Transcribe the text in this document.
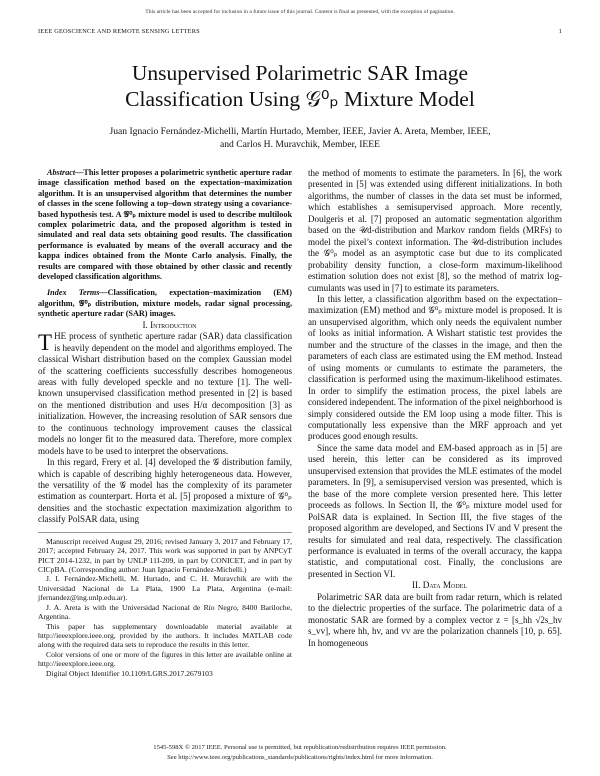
This article has been accepted for inclusion in a future issue of this journal. Content is final as presented, with the exception of pagination.
IEEE GEOSCIENCE AND REMOTE SENSING LETTERS	1
Unsupervised Polarimetric SAR Image
Classification Using 𝒢⁰ₚ Mixture Model
Juan Ignacio Fernández-Michelli, Martín Hurtado, Member, IEEE, Javier A. Areta, Member, IEEE,
and Carlos H. Muravchik, Member, IEEE

Abstract—This letter proposes a polarimetric synthetic aperture radar image classification method based on the expectation–maximization algorithm. It is an unsupervised algorithm that determines the number of classes in the scene following a top–down strategy using a covariance-based hypothesis test. A 𝒢⁰ₚ mixture model is used to describe multilook complex polarimetric data, and the proposed algorithm is tested in simulated and real data sets obtaining good results. The classification performance is evaluated by means of the overall accuracy and the kappa indices obtained from the Monte Carlo analysis. Finally, the results are compared with those obtained by other classic and recently developed classification algorithms.

Index Terms—Classification, expectation–maximization (EM) algorithm, 𝒢⁰ₚ distribution, mixture models, radar signal processing, synthetic aperture radar (SAR) images.

I. Introduction

THE process of synthetic aperture radar (SAR) data classification is heavily dependent on the model and algorithms employed. The classical Wishart distribution based on the complex Gaussian model of the scattering coefficients successfully describes homogeneous areas with fully developed speckle and no texture [1]. The well-known unsupervised classification method presented in [2] is based on the mentioned distribution and uses H/α decomposition [3] as initialization. However, the increasing resolution of SAR sensors due to the continuous technology improvement causes the classical models no longer fit to the measured data. Therefore, more complex models have to be used to interpret the observations.

In this regard, Frery et al. [4] developed the 𝒢 distribution family, which is capable of describing highly heterogeneous data. However, the versatility of the 𝒢 model has the complexity of its parameter estimation as counterpart. Horta et al. [5] proposed a mixture of 𝒢⁰ₚ densities and the stochastic expectation maximization algorithm to classify PolSAR data, using

Manuscript received August 29, 2016; revised January 3, 2017 and February 17, 2017; accepted February 24, 2017. This work was supported in part by ANPCyT PICT 2014-1232, in part by UNLP 11I-209, in part by CONICET, and in part by CICpBA. (Corresponding author: Juan Ignacio Fernández-Michelli.)

J. I. Fernández-Michelli, M. Hurtado, and C. H. Muravchik are with the Universidad Nacional de La Plata, 1900 La Plata, Argentina (e-mail: jfernandez@ing.unlp.edu.ar).

J. A. Areta is with the Universidad Nacional de Río Negro, 8400 Bariloche, Argentina.

This paper has supplementary downloadable material available at http://ieeexplore.ieee.org, provided by the authors. It includes MATLAB code along with the required data sets to reproduce the results in this letter.

Color versions of one or more of the figures in this letter are available online at http://ieeexplore.ieee.org.

Digital Object Identifier 10.1109/LGRS.2017.2679103

the method of moments to estimate the parameters. In [6], the work presented in [5] was extended using different initializations. In both algorithms, the number of classes in the data set must be informed, which establishes a semisupervised approach. More recently, Doulgeris et al. [7] proposed an automatic segmentation algorithm based on the 𝒰d-distribution and Markov random fields (MRFs) to model the pixel’s context information. The 𝒰d-distribution includes the 𝒢⁰ₚ model as an asymptotic case but due to its complicated probability density function, a close-form maximum-likelihood estimation solution does not exist [8], so the method of matrix log-cumulants was used in [7] to estimate its parameters.

In this letter, a classification algorithm based on the expectation–maximization (EM) method and 𝒢⁰ₚ mixture model is proposed. It is an unsupervised algorithm, which only needs the equivalent number of looks as initial information. A Wishart statistic test provides the number and the structure of the classes in the image, and then the parameters of each class are estimated using the EM method. Instead of using moments or cumulants to estimate the parameters, the classification is performed using the maximum-likelihood estimates. In order to simplify the estimation process, the pixel labels are considered independent. The information of the pixel neighborhood is simply considered outside the EM loop using a mode filter. This is computationally less expensive than the MRF approach and yet produces good enough results.

Since the same data model and EM-based approach as in [5] are used herein, this letter can be considered as its improved unsupervised extension that provides the MLE estimates of the model parameters. In [9], a semisupervised version was presented, which is the base of the more complete version presented here. This letter proceeds as follows. In Section II, the 𝒢⁰ₚ mixture model used for PolSAR data is explained. In Section III, the five stages of the proposed algorithm are developed, and Sections IV and V present the results for simulated and real data, respectively. The classification performance is evaluated in terms of the overall accuracy, the kappa statistic, and computational cost. Finally, the conclusions are presented in Section VI.

II. Data Model

Polarimetric SAR data are built from radar return, which is related to the dielectric properties of the surface. The polarimetric data of a monostatic SAR are formed by a complex vector z = [s_hh √2s_hv s_vv], where hh, hv, and vv are the polarization channels [10, p. 65]. In homogeneous

1545-598X © 2017 IEEE. Personal use is permitted, but republication/redistribution requires IEEE permission.
See http://www.ieee.org/publications_standards/publications/rights/index.html for more information.
